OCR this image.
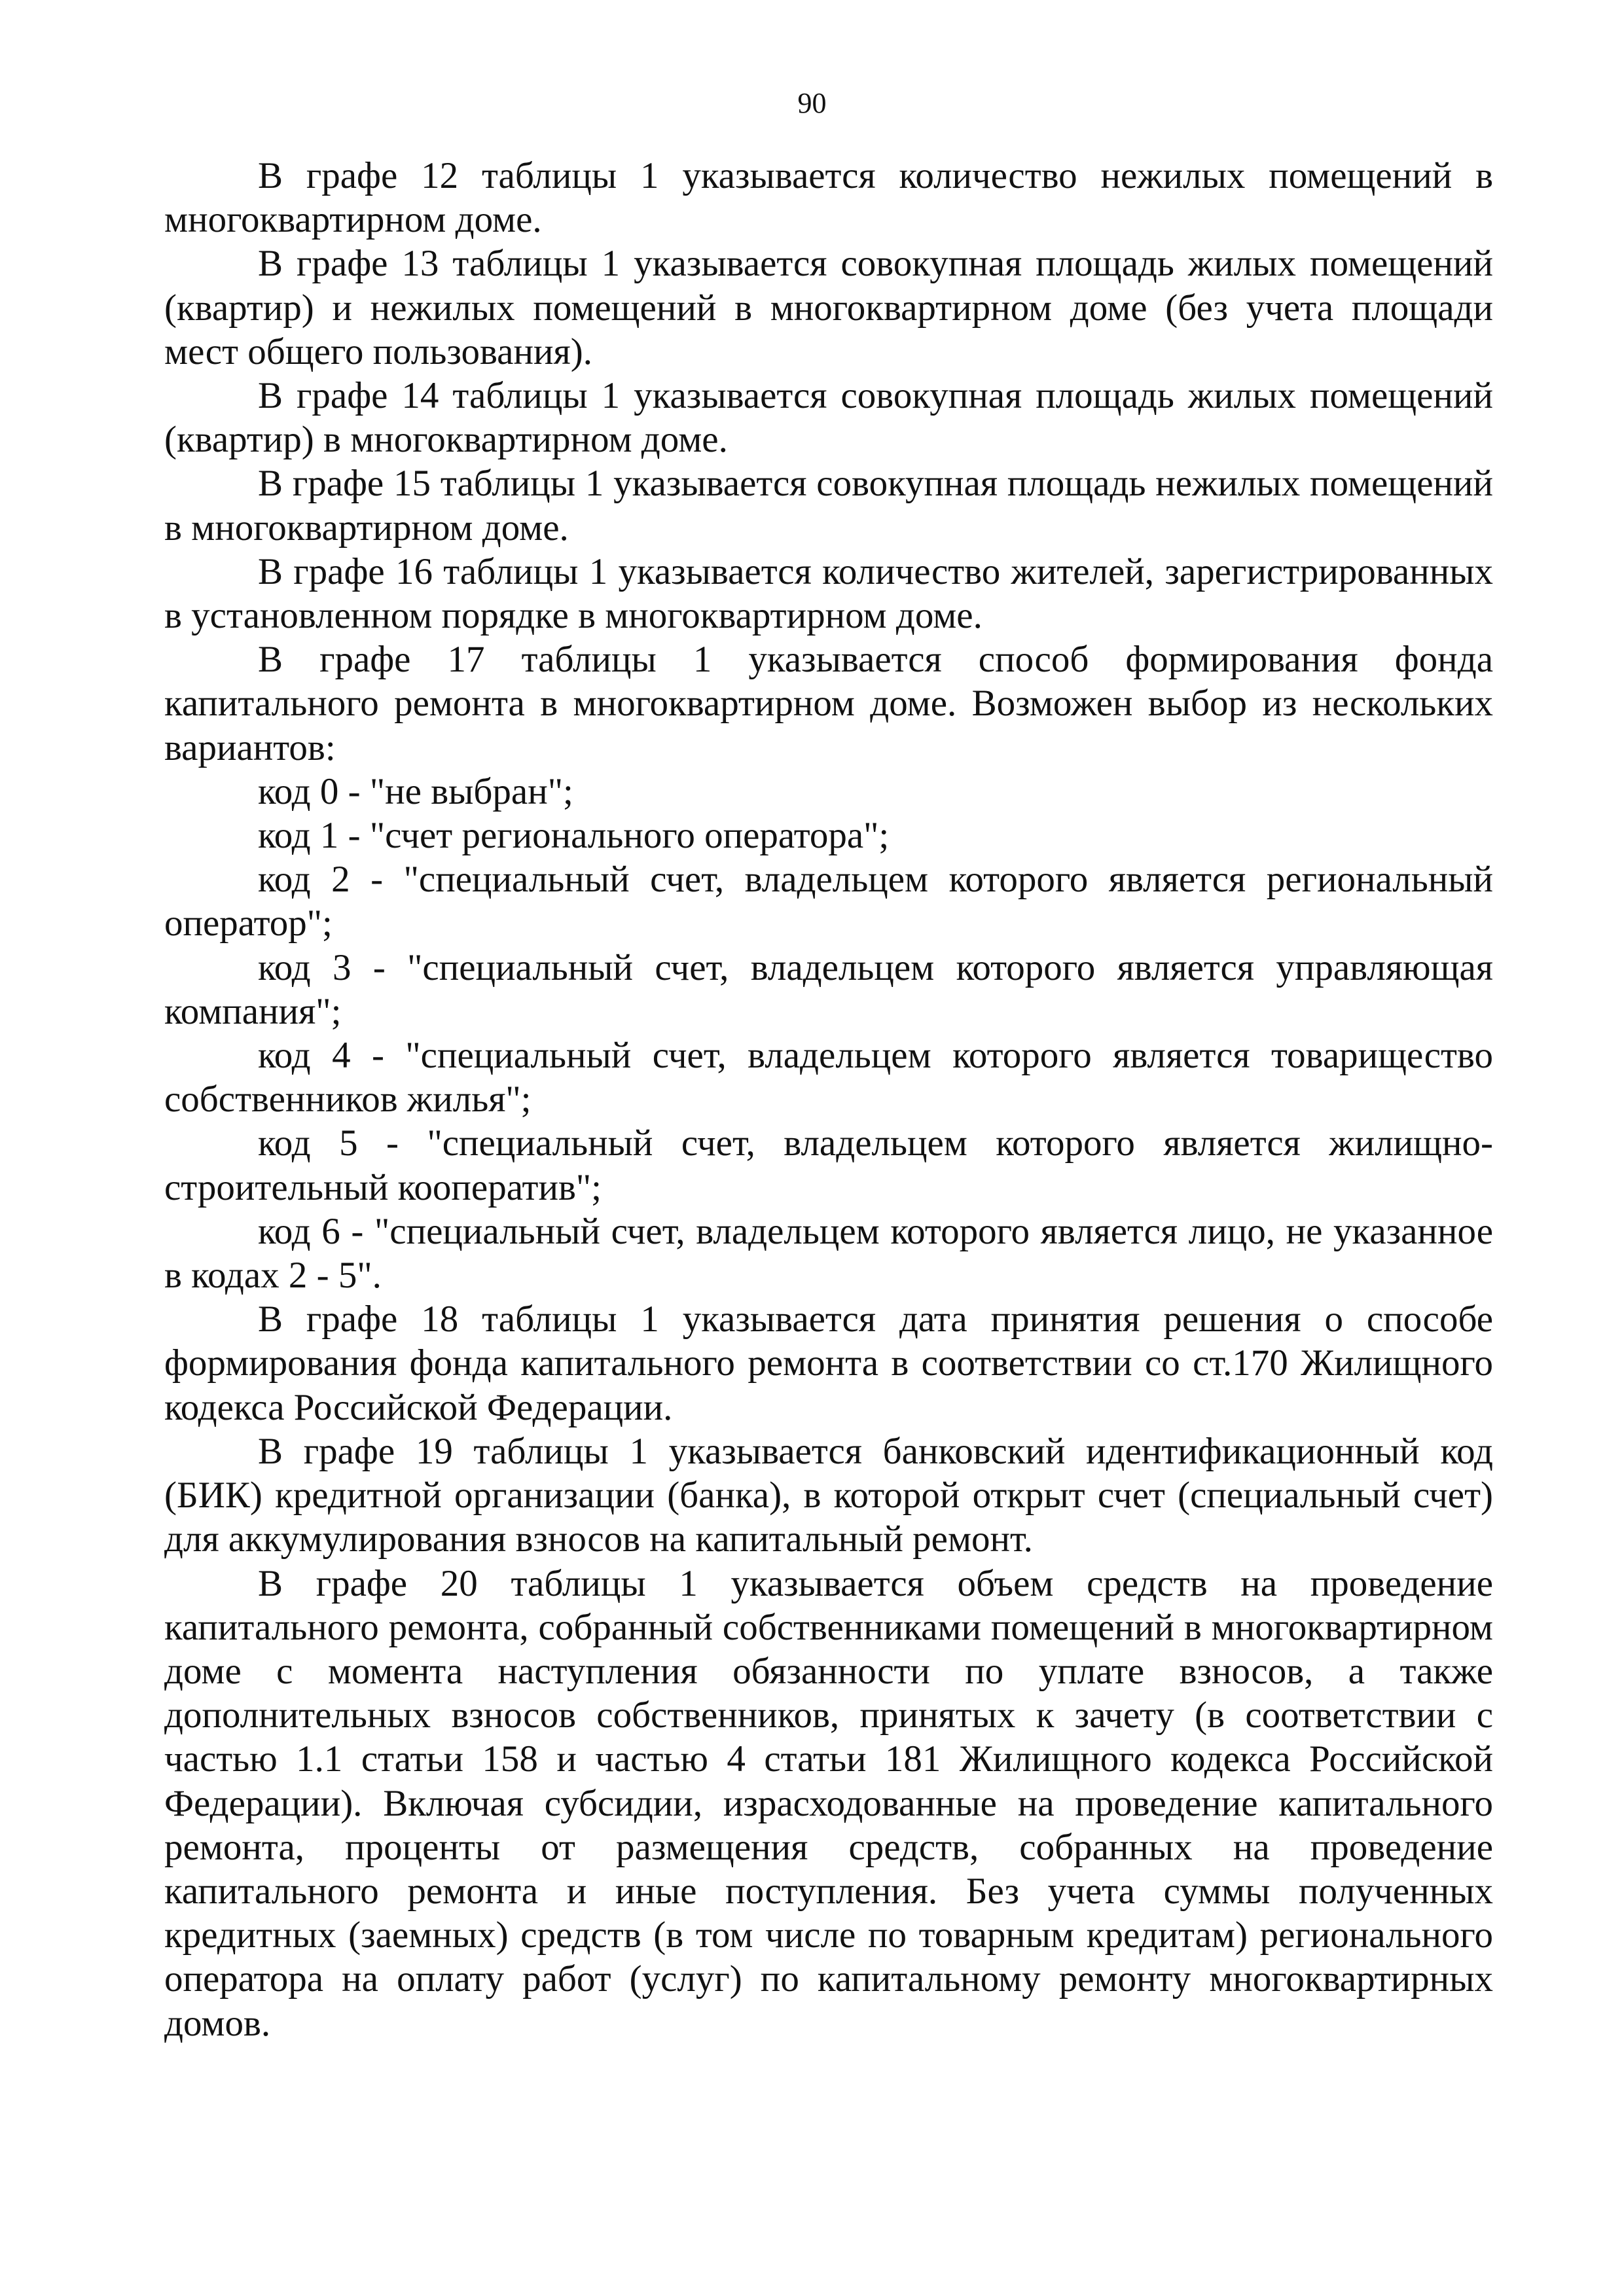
90

В графе 12 таблицы 1 указывается количество нежилых помещений в многоквартирном доме.

В графе 13 таблицы 1 указывается совокупная площадь жилых помещений (квартир) и нежилых помещений в многоквартирном доме (без учета площади мест общего пользования).

В графе 14 таблицы 1 указывается совокупная площадь жилых помещений (квартир) в многоквартирном доме.

В графе 15 таблицы 1 указывается совокупная площадь нежилых помещений в многоквартирном доме.

В графе 16 таблицы 1 указывается количество жителей, зарегистрированных в установленном порядке в многоквартирном доме.

В графе 17 таблицы 1 указывается способ формирования фонда капитального ремонта в многоквартирном доме. Возможен выбор из нескольких вариантов:

код 0 - "не выбран";

код 1 - "счет регионального оператора";

код 2 - "специальный счет, владельцем которого является региональный оператор";

код 3 - "специальный счет, владельцем которого является управляющая компания";

код 4 - "специальный счет, владельцем которого является товарищество собственников жилья";

код 5 - "специальный счет, владельцем которого является жилищно-строительный кооператив";

код 6 - "специальный счет, владельцем которого является лицо, не указанное в кодах 2 - 5".

В графе 18 таблицы 1 указывается дата принятия решения о способе формирования фонда капитального ремонта в соответствии со ст.170 Жилищного кодекса Российской Федерации.

В графе 19 таблицы 1 указывается банковский идентификационный код (БИК) кредитной организации (банка), в которой открыт счет (специальный счет) для аккумулирования взносов на капитальный ремонт.

В графе 20 таблицы 1 указывается объем средств на проведение капитального ремонта, собранный собственниками помещений в многоквартирном доме с момента наступления обязанности по уплате взносов, а также дополнительных взносов собственников, принятых к зачету (в соответствии с частью 1.1 статьи 158 и частью 4 статьи 181 Жилищного кодекса Российской Федерации). Включая субсидии, израсходованные на проведение капитального ремонта, проценты от размещения средств, собранных на проведение капитального ремонта и иные поступления. Без учета суммы полученных кредитных (заемных) средств (в том числе по товарным кредитам) регионального оператора на оплату работ (услуг) по капитальному ремонту многоквартирных домов.
